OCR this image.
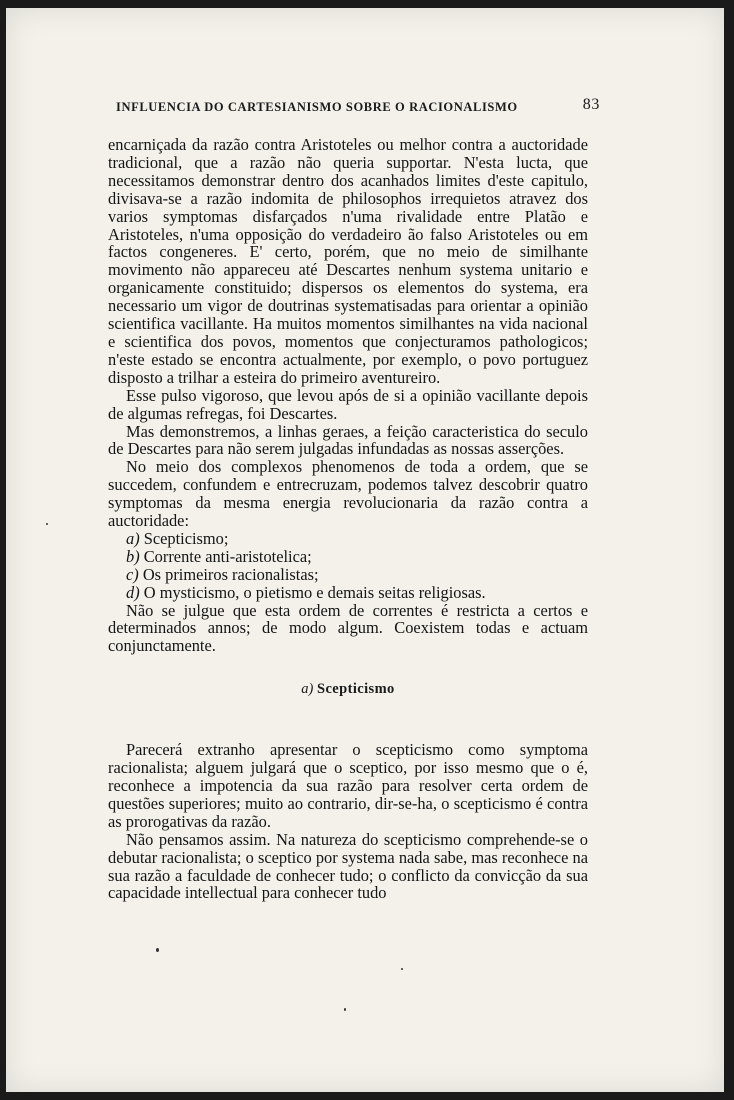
INFLUENCIA DO CARTESIANISMO SOBRE O RACIONALISMO	83

encarniçada da razão contra Aristoteles ou melhor contra a auctoridade tradicional, que a razão não queria supportar. N'esta lucta, que necessitamos demonstrar dentro dos acanhados limites d'este capitulo, divisava-se a razão indomita de philosophos irrequietos atravez dos varios symptomas disfarçados n'uma rivalidade entre Platão e Aristoteles, n'uma opposição do verdadeiro ão falso Aristoteles ou em factos congeneres. E' certo, porém, que no meio de similhante movimento não appareceu até Descartes nenhum systema unitario e organicamente constituido; dispersos os elementos do systema, era necessario um vigor de doutrinas systematisadas para orientar a opinião scientifica vacillante. Ha muitos momentos similhantes na vida nacional e scientifica dos povos, momentos que conjecturamos pathologicos; n'este estado se encontra actualmente, por exemplo, o povo portuguez disposto a trilhar a esteira do primeiro aventureiro.

Esse pulso vigoroso, que levou após de si a opinião vacillante depois de algumas refregas, foi Descartes.

Mas demonstremos, a linhas geraes, a feição caracteristica do seculo de Descartes para não serem julgadas infundadas as nossas asserções.

No meio dos complexos phenomenos de toda a ordem, que se succedem, confundem e entrecruzam, podemos talvez descobrir quatro symptomas da mesma energia revolucionaria da razão contra a auctoridade:

a) Scepticismo;
b) Corrente anti-aristotelica;
c) Os primeiros racionalistas;
d) O mysticismo, o pietismo e demais seitas religiosas.

Não se julgue que esta ordem de correntes é restricta a certos e determinados annos; de modo algum. Coexistem todas e actuam conjunctamente.

a) Scepticismo

Parecerá extranho apresentar o scepticismo como symptoma racionalista; alguem julgará que o sceptico, por isso mesmo que o é, reconhece a impotencia da sua razão para resolver certa ordem de questões superiores; muito ao contrario, dir-se-ha, o scepticismo é contra as prorogativas da razão.

Não pensamos assim. Na natureza do scepticismo comprehende-se o debutar racionalista; o sceptico por systema nada sabe, mas reconhece na sua razão a faculdade de conhecer tudo; o conflicto da convicção da sua capacidade intellectual para conhecer tudo
